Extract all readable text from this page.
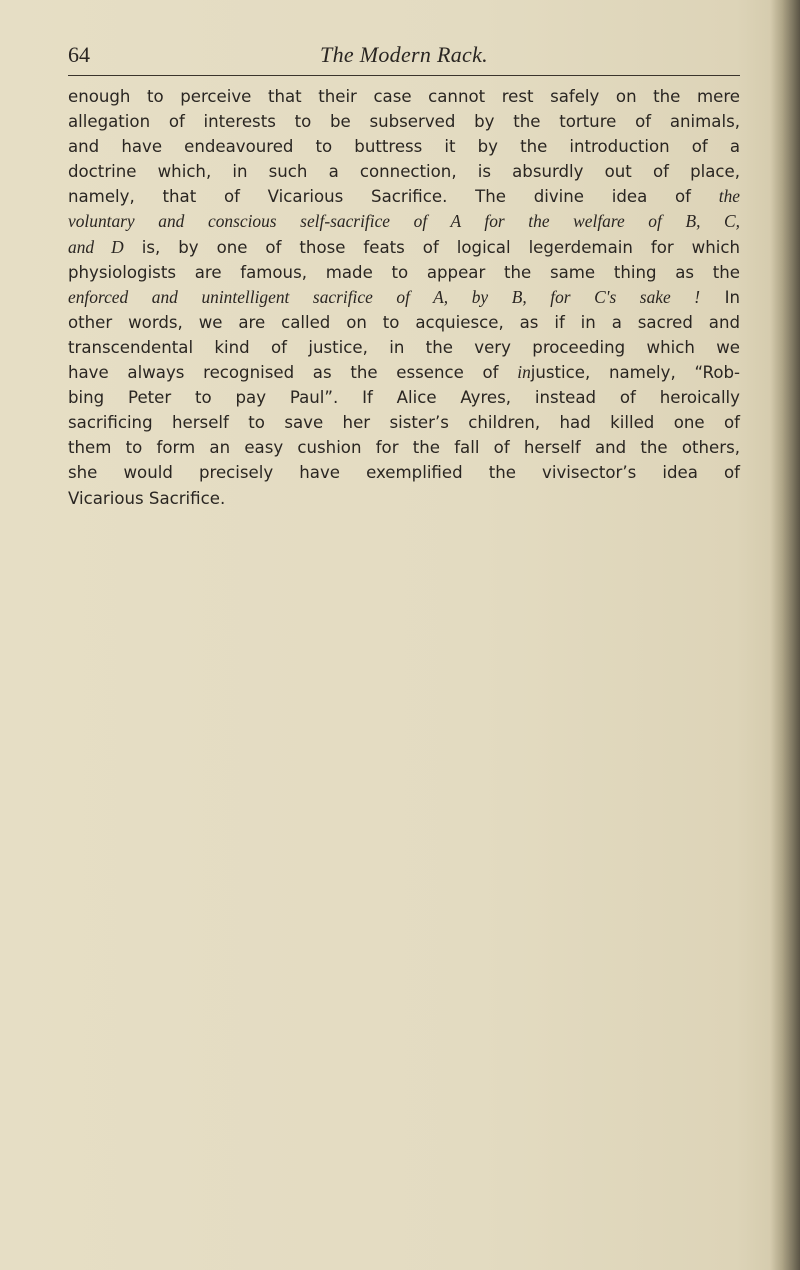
64	The Modern Rack.

enough to perceive that their case cannot rest safely on the mere
allegation of interests to be subserved by the torture of animals,
and have endeavoured to buttress it by the introduction of a
doctrine which, in such a connection, is absurdly out of place,
namely, that of Vicarious Sacrifice. The divine idea of the
voluntary and conscious self-sacrifice of A for the welfare of B, C,
and D is, by one of those feats of logical legerdemain for which
physiologists are famous, made to appear the same thing as the
enforced and unintelligent sacrifice of A, by B, for C's sake ! In
other words, we are called on to acquiesce, as if in a sacred and
transcendental kind of justice, in the very proceeding which we
have always recognised as the essence of injustice, namely, “Rob-
bing Peter to pay Paul”. If Alice Ayres, instead of heroically
sacrificing herself to save her sister’s children, had killed one of
them to form an easy cushion for the fall of herself and the others,
she would precisely have exemplified the vivisector’s idea of
Vicarious Sacrifice.
